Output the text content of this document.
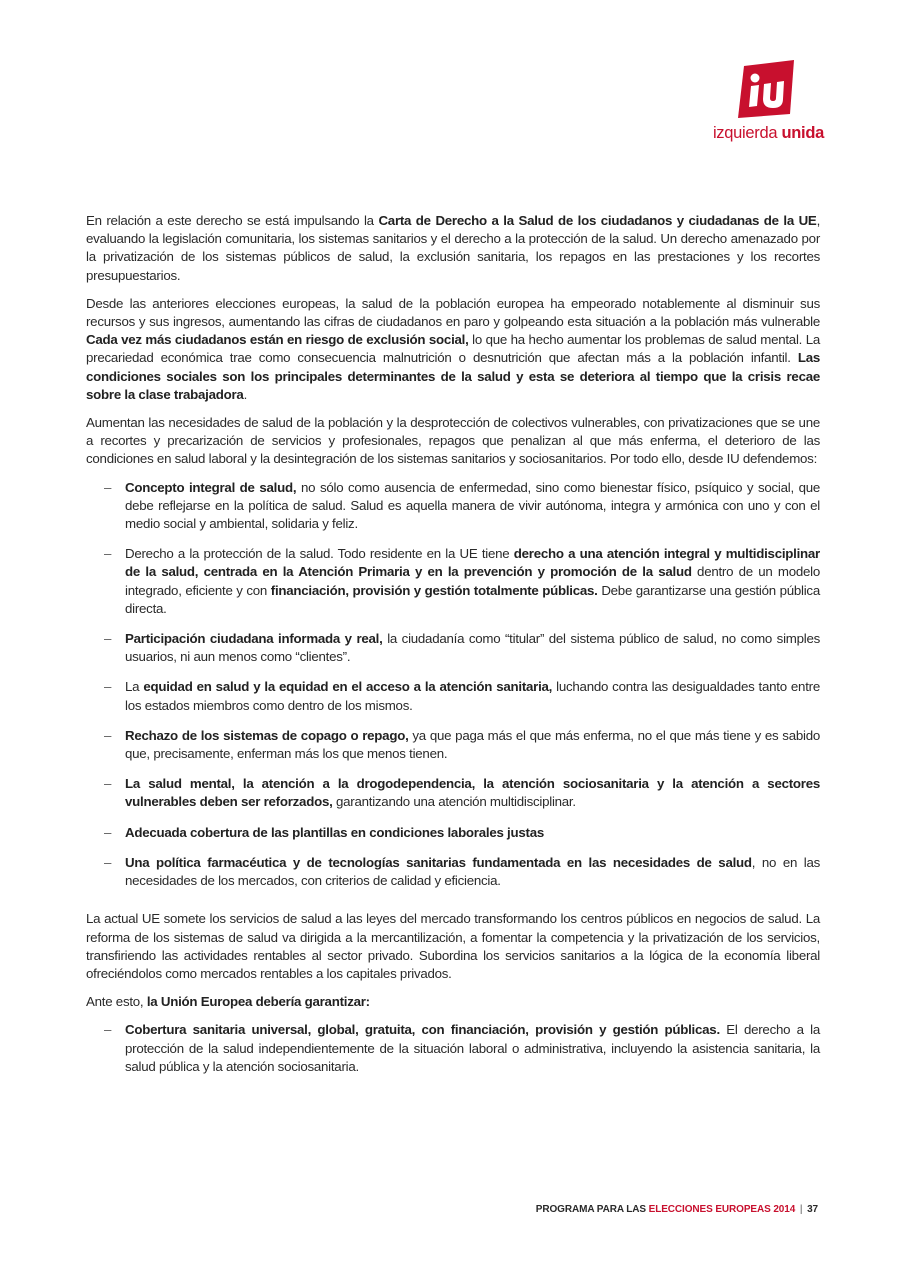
izquierda unida

En relación a este derecho se está impulsando la Carta de Derecho a la Salud de los ciudadanos y ciudadanas de la UE, evaluando la legislación comunitaria, los sistemas sanitarios y el derecho a la protección de la salud. Un derecho amenazado por la privatización de los sistemas públicos de salud, la exclusión sanitaria, los repagos en las prestaciones y los recortes presupuestarios.

Desde las anteriores elecciones europeas, la salud de la población europea ha empeorado notablemente al disminuir sus recursos y sus ingresos, aumentando las cifras de ciudadanos en paro y golpeando esta situación a la población más vulnerable Cada vez más ciudadanos están en riesgo de exclusión social, lo que ha hecho aumentar los problemas de salud mental. La precariedad económica trae como consecuencia malnutrición o desnutrición que afectan más a la población infantil. Las condiciones sociales son los principales determinantes de la salud y esta se deteriora al tiempo que la crisis recae sobre la clase trabajadora.

Aumentan las necesidades de salud de la población y la desprotección de colectivos vulnerables, con privatizaciones que se une a recortes y precarización de servicios y profesionales, repagos que penalizan al que más enferma, el deterioro de las condiciones en salud laboral y la desintegración de los sistemas sanitarios y sociosanitarios. Por todo ello, desde IU defendemos:

– Concepto integral de salud, no sólo como ausencia de enfermedad, sino como bienestar físico, psíquico y social, que debe reflejarse en la política de salud. Salud es aquella manera de vivir autónoma, integra y armónica con uno y con el medio social y ambiental, solidaria y feliz.
– Derecho a la protección de la salud. Todo residente en la UE tiene derecho a una atención integral y multidisciplinar de la salud, centrada en la Atención Primaria y en la prevención y promoción de la salud dentro de un modelo integrado, eficiente y con financiación, provisión y gestión totalmente públicas. Debe garantizarse una gestión pública directa.
– Participación ciudadana informada y real, la ciudadanía como “titular” del sistema público de salud, no como simples usuarios, ni aun menos como “clientes”.
– La equidad en salud y la equidad en el acceso a la atención sanitaria, luchando contra las desigualdades tanto entre los estados miembros como dentro de los mismos.
– Rechazo de los sistemas de copago o repago, ya que paga más el que más enferma, no el que más tiene y es sabido que, precisamente, enferman más los que menos tienen.
– La salud mental, la atención a la drogodependencia, la atención sociosanitaria y la atención a sectores vulnerables deben ser reforzados, garantizando una atención multidisciplinar.
– Adecuada cobertura de las plantillas en condiciones laborales justas
– Una política farmacéutica y de tecnologías sanitarias fundamentada en las necesidades de salud, no en las necesidades de los mercados, con criterios de calidad y eficiencia.

La actual UE somete los servicios de salud a las leyes del mercado transformando los centros públicos en negocios de salud. La reforma de los sistemas de salud va dirigida a la mercantilización, a fomentar la competencia y la privatización de los servicios, transfiriendo las actividades rentables al sector privado. Subordina los servicios sanitarios a la lógica de la economía liberal ofreciéndolos como mercados rentables a los capitales privados.

Ante esto, la Unión Europea debería garantizar:

– Cobertura sanitaria universal, global, gratuita, con financiación, provisión y gestión públicas. El derecho a la protección de la salud independientemente de la situación laboral o administrativa, incluyendo la asistencia sanitaria, la salud pública y la atención sociosanitaria.
PROGRAMA PARA LAS ELECCIONES EUROPEAS 2014 | 37
